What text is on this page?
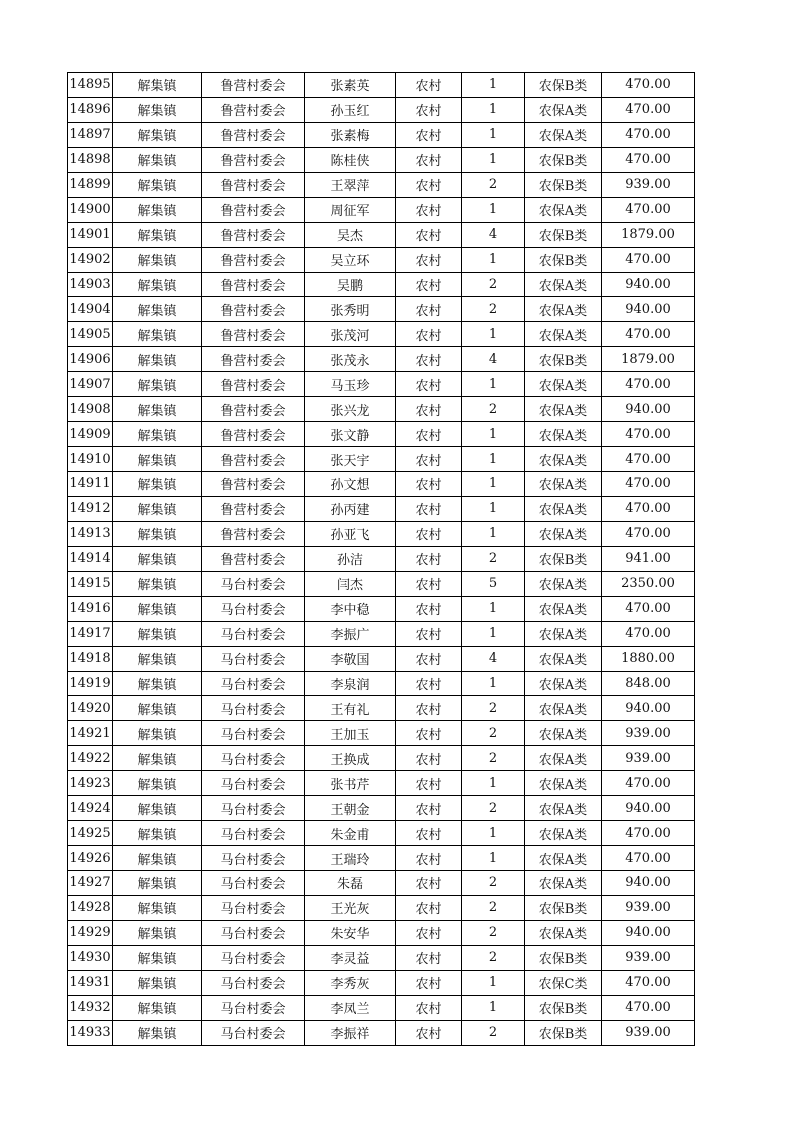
14895	解集镇	鲁营村委会	张素英	农村	1	农保B类	470.00
14896	解集镇	鲁营村委会	孙玉红	农村	1	农保A类	470.00
14897	解集镇	鲁营村委会	张素梅	农村	1	农保A类	470.00
14898	解集镇	鲁营村委会	陈桂侠	农村	1	农保B类	470.00
14899	解集镇	鲁营村委会	王翠萍	农村	2	农保B类	939.00
14900	解集镇	鲁营村委会	周征军	农村	1	农保A类	470.00
14901	解集镇	鲁营村委会	吴杰	农村	4	农保B类	1879.00
14902	解集镇	鲁营村委会	吴立环	农村	1	农保B类	470.00
14903	解集镇	鲁营村委会	吴鹏	农村	2	农保A类	940.00
14904	解集镇	鲁营村委会	张秀明	农村	2	农保A类	940.00
14905	解集镇	鲁营村委会	张茂河	农村	1	农保A类	470.00
14906	解集镇	鲁营村委会	张茂永	农村	4	农保B类	1879.00
14907	解集镇	鲁营村委会	马玉珍	农村	1	农保A类	470.00
14908	解集镇	鲁营村委会	张兴龙	农村	2	农保A类	940.00
14909	解集镇	鲁营村委会	张文静	农村	1	农保A类	470.00
14910	解集镇	鲁营村委会	张天宇	农村	1	农保A类	470.00
14911	解集镇	鲁营村委会	孙文想	农村	1	农保A类	470.00
14912	解集镇	鲁营村委会	孙丙建	农村	1	农保A类	470.00
14913	解集镇	鲁营村委会	孙亚飞	农村	1	农保A类	470.00
14914	解集镇	鲁营村委会	孙洁	农村	2	农保B类	941.00
14915	解集镇	马台村委会	闫杰	农村	5	农保A类	2350.00
14916	解集镇	马台村委会	李中稳	农村	1	农保A类	470.00
14917	解集镇	马台村委会	李振广	农村	1	农保A类	470.00
14918	解集镇	马台村委会	李敬国	农村	4	农保A类	1880.00
14919	解集镇	马台村委会	李泉润	农村	1	农保A类	848.00
14920	解集镇	马台村委会	王有礼	农村	2	农保A类	940.00
14921	解集镇	马台村委会	王加玉	农村	2	农保A类	939.00
14922	解集镇	马台村委会	王换成	农村	2	农保A类	939.00
14923	解集镇	马台村委会	张书芹	农村	1	农保A类	470.00
14924	解集镇	马台村委会	王朝金	农村	2	农保A类	940.00
14925	解集镇	马台村委会	朱金甫	农村	1	农保A类	470.00
14926	解集镇	马台村委会	王瑞玲	农村	1	农保A类	470.00
14927	解集镇	马台村委会	朱磊	农村	2	农保A类	940.00
14928	解集镇	马台村委会	王光灰	农村	2	农保B类	939.00
14929	解集镇	马台村委会	朱安华	农村	2	农保A类	940.00
14930	解集镇	马台村委会	李灵益	农村	2	农保B类	939.00
14931	解集镇	马台村委会	李秀灰	农村	1	农保C类	470.00
14932	解集镇	马台村委会	李凤兰	农村	1	农保B类	470.00
14933	解集镇	马台村委会	李振祥	农村	2	农保B类	939.00
